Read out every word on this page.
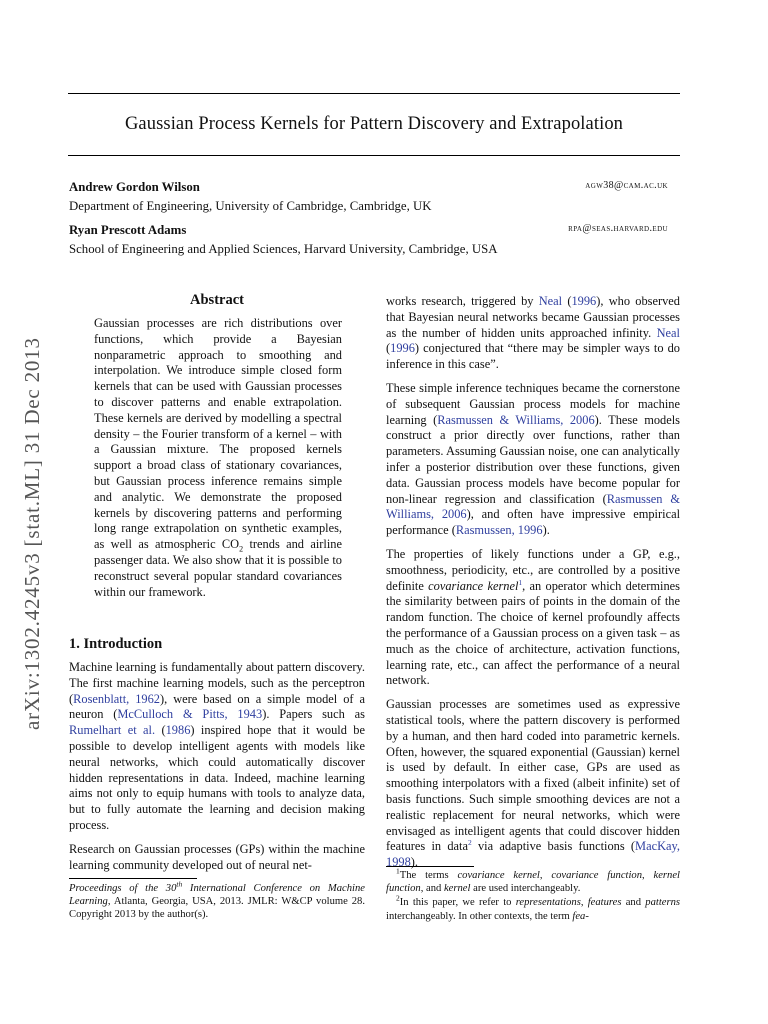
Gaussian Process Kernels for Pattern Discovery and Extrapolation
Andrew Gordon Wilson	agw38@cam.ac.uk
Department of Engineering, University of Cambridge, Cambridge, UK
Ryan Prescott Adams	rpa@seas.harvard.edu
School of Engineering and Applied Sciences, Harvard University, Cambridge, USA
arXiv:1302.4245v3 [stat.ML] 31 Dec 2013
Abstract
Gaussian processes are rich distributions over functions, which provide a Bayesian nonparametric approach to smoothing and interpolation. We introduce simple closed form kernels that can be used with Gaussian processes to discover patterns and enable extrapolation. These kernels are derived by modelling a spectral density – the Fourier transform of a kernel – with a Gaussian mixture. The proposed kernels support a broad class of stationary covariances, but Gaussian process inference remains simple and analytic. We demonstrate the proposed kernels by discovering patterns and performing long range extrapolation on synthetic examples, as well as atmospheric $CO_2$ trends and airline passenger data. We also show that it is possible to reconstruct several popular standard covariances within our framework.
1. Introduction

Machine learning is fundamentally about pattern discovery. The first machine learning models, such as the perceptron (Rosenblatt, 1962), were based on a simple model of a neuron (McCulloch & Pitts, 1943). Papers such as Rumelhart et al. (1986) inspired hope that it would be possible to develop intelligent agents with models like neural networks, which could automatically discover hidden representations in data. Indeed, machine learning aims not only to equip humans with tools to analyze data, but to fully automate the learning and decision making process.

Research on Gaussian processes (GPs) within the machine learning community developed out of neural net-

Proceedings of the 30th International Conference on Machine Learning, Atlanta, Georgia, USA, 2013. JMLR: W&CP volume 28. Copyright 2013 by the author(s).

works research, triggered by Neal (1996), who observed that Bayesian neural networks became Gaussian processes as the number of hidden units approached infinity. Neal (1996) conjectured that “there may be simpler ways to do inference in this case”.

These simple inference techniques became the cornerstone of subsequent Gaussian process models for machine learning (Rasmussen & Williams, 2006). These models construct a prior directly over functions, rather than parameters. Assuming Gaussian noise, one can analytically infer a posterior distribution over these functions, given data. Gaussian process models have become popular for non-linear regression and classification (Rasmussen & Williams, 2006), and often have impressive empirical performance (Rasmussen, 1996).

The properties of likely functions under a GP, e.g., smoothness, periodicity, etc., are controlled by a positive definite covariance kernel$^1$, an operator which determines the similarity between pairs of points in the domain of the random function. The choice of kernel profoundly affects the performance of a Gaussian process on a given task – as much as the choice of architecture, activation functions, learning rate, etc., can affect the performance of a neural network.

Gaussian processes are sometimes used as expressive statistical tools, where the pattern discovery is performed by a human, and then hard coded into parametric kernels. Often, however, the squared exponential (Gaussian) kernel is used by default. In either case, GPs are used as smoothing interpolators with a fixed (albeit infinite) set of basis functions. Such simple smoothing devices are not a realistic replacement for neural networks, which were envisaged as intelligent agents that could discover hidden features in data$^2$ via adaptive basis functions (MacKay, 1998).

$^1$The terms covariance kernel, covariance function, kernel function, and kernel are used interchangeably.
$^2$In this paper, we refer to representations, features and patterns interchangeably. In other contexts, the term fea-
